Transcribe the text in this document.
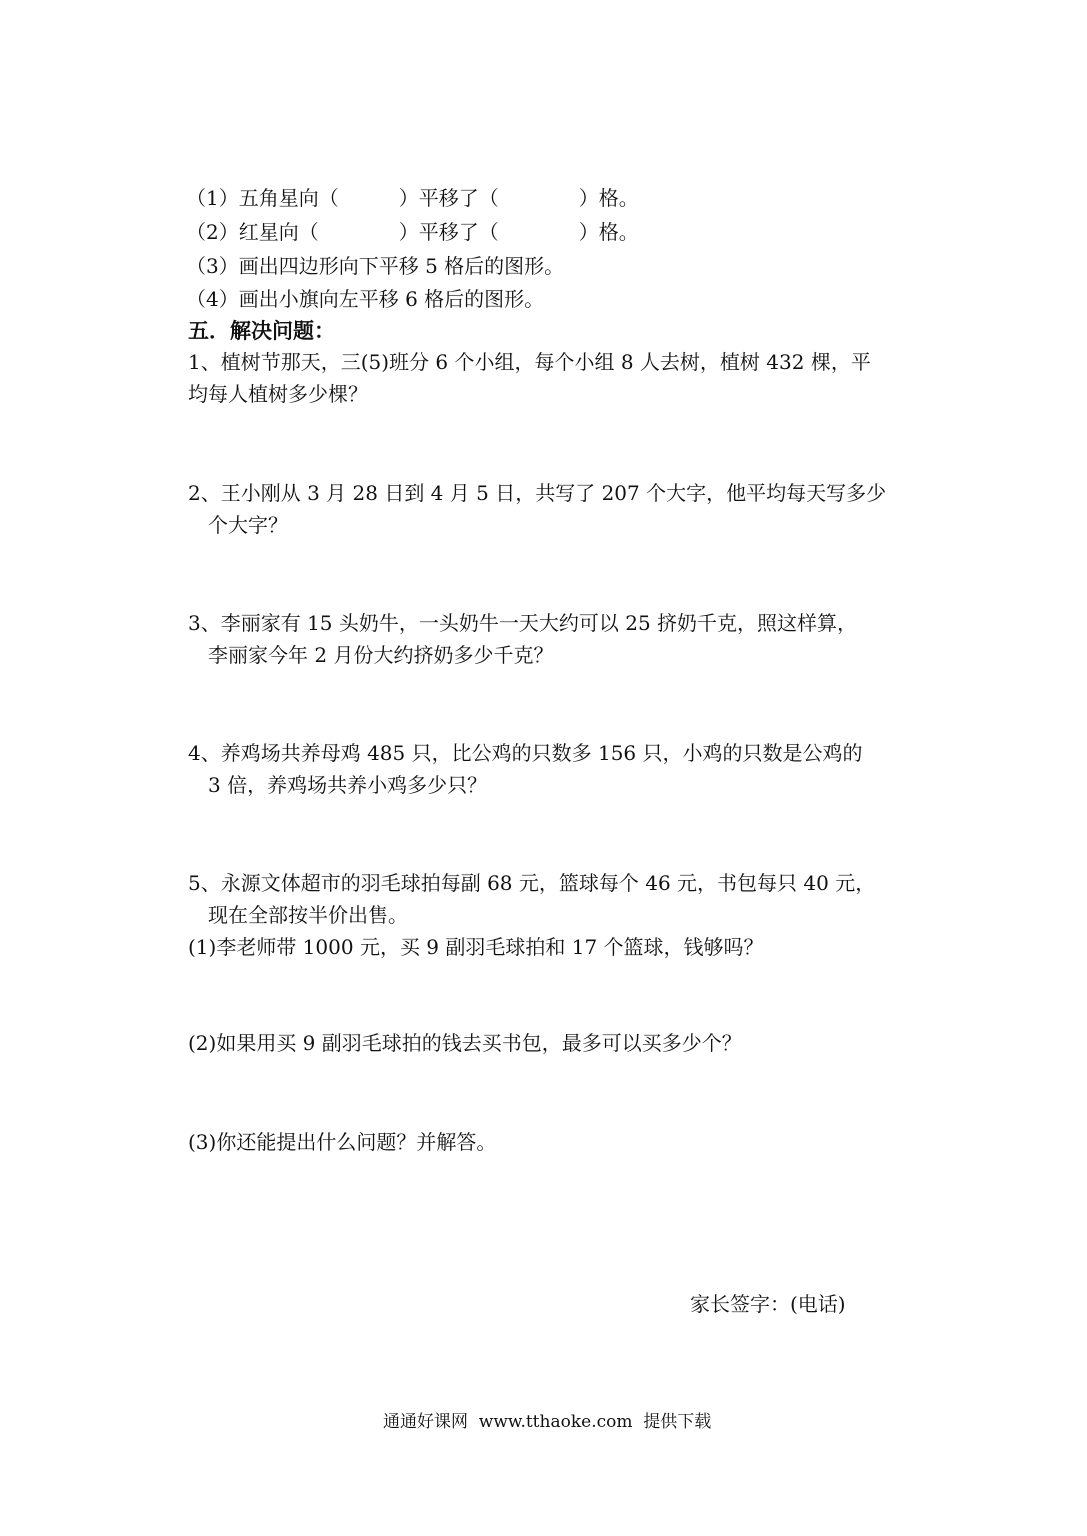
（1）五角星向（　　　）平移了（　　　　）格。

（2）红星向（　　　　）平移了（　　　　）格。

（3）画出四边形向下平移 5 格后的图形。

（4）画出小旗向左平移 6 格后的图形。

五．解决问题：

1、植树节那天，三(5)班分 6 个小组，每个小组 8 人去树，植树 432 棵，平

均每人植树多少棵？

2、王小刚从 3 月 28 日到 4 月 5 日，共写了 207 个大字，他平均每天写多少

个大字？

3、李丽家有 15 头奶牛，一头奶牛一天大约可以 25 挤奶千克，照这样算，

李丽家今年 2 月份大约挤奶多少千克？

4、养鸡场共养母鸡 485 只，比公鸡的只数多 156 只，小鸡的只数是公鸡的

3 倍，养鸡场共养小鸡多少只？

5、永源文体超市的羽毛球拍每副 68 元，篮球每个 46 元，书包每只 40 元，

现在全部按半价出售。

(1)李老师带 1000 元，买 9 副羽毛球拍和 17 个篮球，钱够吗？

(2)如果用买 9 副羽毛球拍的钱去买书包，最多可以买多少个？

(3)你还能提出什么问题？并解答。

家长签字：(电话)

通通好课网  www.tthaoke.com  提供下载
